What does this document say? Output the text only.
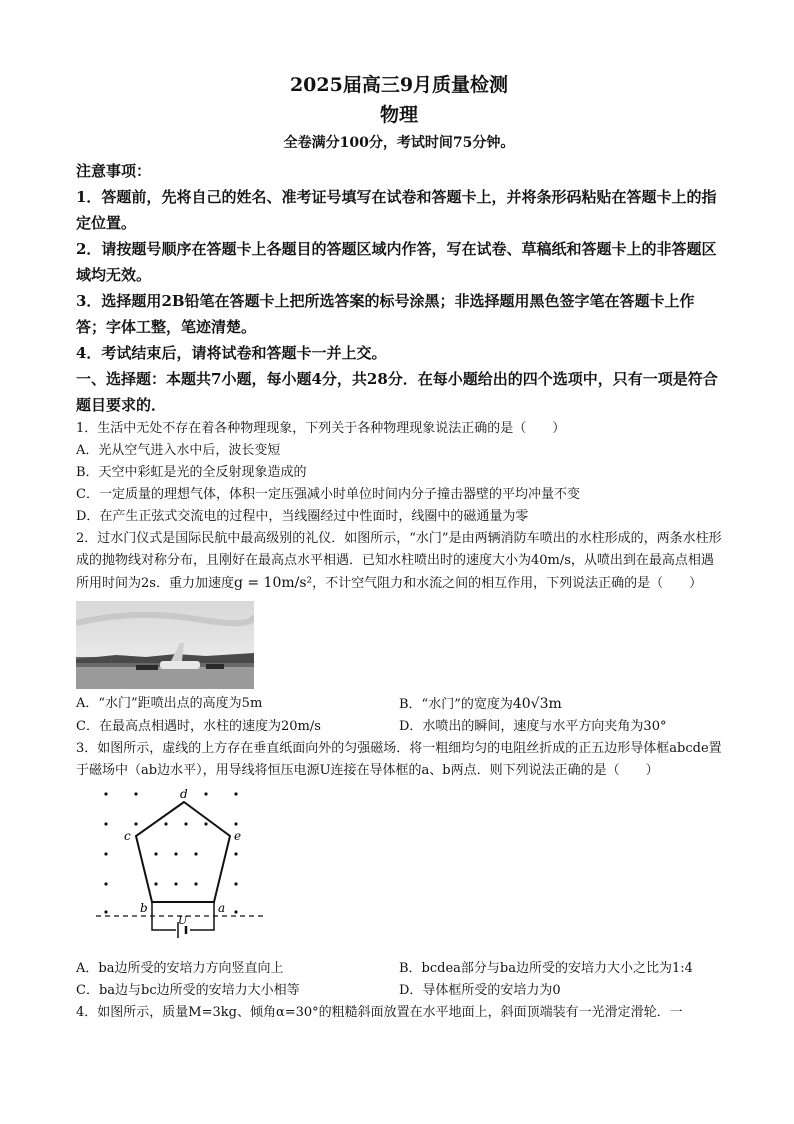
2025届高三9月质量检测

物理

全卷满分100分，考试时间75分钟。

注意事项：

1．答题前，先将自己的姓名、准考证号填写在试卷和答题卡上，并将条形码粘贴在答题卡上的指定位置。

2．请按题号顺序在答题卡上各题目的答题区域内作答，写在试卷、草稿纸和答题卡上的非答题区域均无效。

3．选择题用2B铅笔在答题卡上把所选答案的标号涂黑；非选择题用黑色签字笔在答题卡上作答；字体工整，笔迹清楚。

4．考试结束后，请将试卷和答题卡一并上交。

一、选择题：本题共7小题，每小题4分，共28分．在每小题给出的四个选项中，只有一项是符合题目要求的．

1．生活中无处不存在着各种物理现象，下列关于各种物理现象说法正确的是（　　）

A．光从空气进入水中后，波长变短

B．天空中彩虹是光的全反射现象造成的

C．一定质量的理想气体，体积一定压强减小时单位时间内分子撞击器壁的平均冲量不变

D．在产生正弦式交流电的过程中，当线圈经过中性面时，线圈中的磁通量为零

2．过水门仪式是国际民航中最高级别的礼仪．如图所示，“水门”是由两辆消防车喷出的水柱形成的，两条水柱形成的抛物线对称分布，且刚好在最高点水平相遇．已知水柱喷出时的速度大小为40m/s，从喷出到在最高点相遇所用时间为2s．重力加速度g = 10m/s²，不计空气阻力和水流之间的相互作用，下列说法正确的是（　　）

A．“水门”距喷出点的高度为5m	B．“水门”的宽度为40√3m
C．在最高点相遇时，水柱的速度为20m/s	D．水喷出的瞬间，速度与水平方向夹角为30°

3．如图所示，虚线的上方存在垂直纸面向外的匀强磁场．将一粗细均匀的电阻丝折成的正五边形导体框abcde置于磁场中（ab边水平），用导线将恒压电源U连接在导体框的a、b两点．则下列说法正确的是（　　）

d
c	e
b	a
U
A．ba边所受的安培力方向竖直向上	B．bcdea部分与ba边所受的安培力大小之比为1:4
C．ba边与bc边所受的安培力大小相等	D．导体框所受的安培力为0

4．如图所示，质量M=3kg、倾角α=30°的粗糙斜面放置在水平地面上，斜面顶端装有一光滑定滑轮．一
